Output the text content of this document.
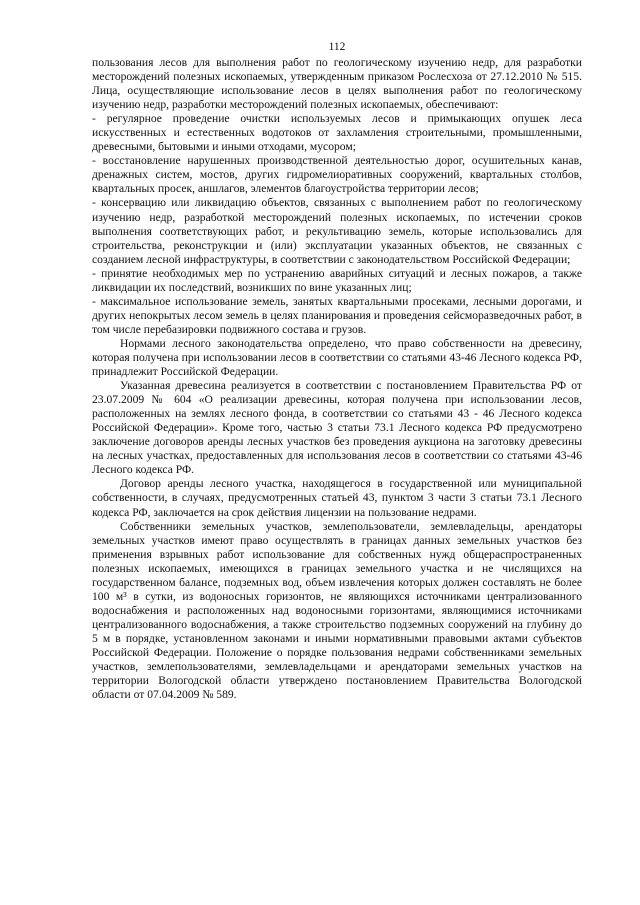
112

пользования лесов для выполнения работ по геологическому изучению недр, для разработки месторождений полезных ископаемых, утвержденным приказом Рослесхоза от 27.12.2010 № 515. Лица, осуществляющие использование лесов в целях выполнения работ по геологическому изучению недр, разработки месторождений полезных ископаемых, обеспечивают:

- регулярное проведение очистки используемых лесов и примыкающих опушек леса искусственных и естественных водотоков от захламления строительными, промышленными, древесными, бытовыми и иными отходами, мусором;

- восстановление нарушенных производственной деятельностью дорог, осушительных канав, дренажных систем, мостов, других гидромелиоративных сооружений, квартальных столбов, квартальных просек, аншлагов, элементов благоустройства территории лесов;

- консервацию или ликвидацию объектов, связанных с выполнением работ по геологическому изучению недр, разработкой месторождений полезных ископаемых, по истечении сроков выполнения соответствующих работ, и рекультивацию земель, которые использовались для строительства, реконструкции и (или) эксплуатации указанных объектов, не связанных с созданием лесной инфраструктуры, в соответствии с законодательством Российской Федерации;

- принятие необходимых мер по устранению аварийных ситуаций и лесных пожаров, а также ликвидации их последствий, возникших по вине указанных лиц;

- максимальное использование земель, занятых квартальными просеками, лесными дорогами, и других непокрытых лесом земель в целях планирования и проведения сейсморазведочных работ, в том числе перебазировки подвижного состава и грузов.

Нормами лесного законодательства определено, что право собственности на древесину, которая получена при использовании лесов в соответствии со статьями 43-46 Лесного кодекса РФ, принадлежит Российской Федерации.

Указанная древесина реализуется в соответствии с постановлением Правительства РФ от 23.07.2009 № 604 «О реализации древесины, которая получена при использовании лесов, расположенных на землях лесного фонда, в соответствии со статьями 43 - 46 Лесного кодекса Российской Федерации». Кроме того, частью 3 статьи 73.1 Лесного кодекса РФ предусмотрено заключение договоров аренды лесных участков без проведения аукциона на заготовку древесины на лесных участках, предоставленных для использования лесов в соответствии со статьями 43-46 Лесного кодекса РФ.

Договор аренды лесного участка, находящегося в государственной или муниципальной собственности, в случаях, предусмотренных статьей 43, пунктом 3 части 3 статьи 73.1 Лесного кодекса РФ, заключается на срок действия лицензии на пользование недрами.

Собственники земельных участков, землепользователи, землевладельцы, арендаторы земельных участков имеют право осуществлять в границах данных земельных участков без применения взрывных работ использование для собственных нужд общераспространенных полезных ископаемых, имеющихся в границах земельного участка и не числящихся на государственном балансе, подземных вод, объем извлечения которых должен составлять не более 100 м³ в сутки, из водоносных горизонтов, не являющихся источниками централизованного водоснабжения и расположенных над водоносными горизонтами, являющимися источниками централизованного водоснабжения, а также строительство подземных сооружений на глубину до 5 м в порядке, установленном законами и иными нормативными правовыми актами субъектов Российской Федерации. Положение о порядке пользования недрами собственниками земельных участков, землепользователями, землевладельцами и арендаторами земельных участков на территории Вологодской области утверждено постановлением Правительства Вологодской области от 07.04.2009 № 589.
